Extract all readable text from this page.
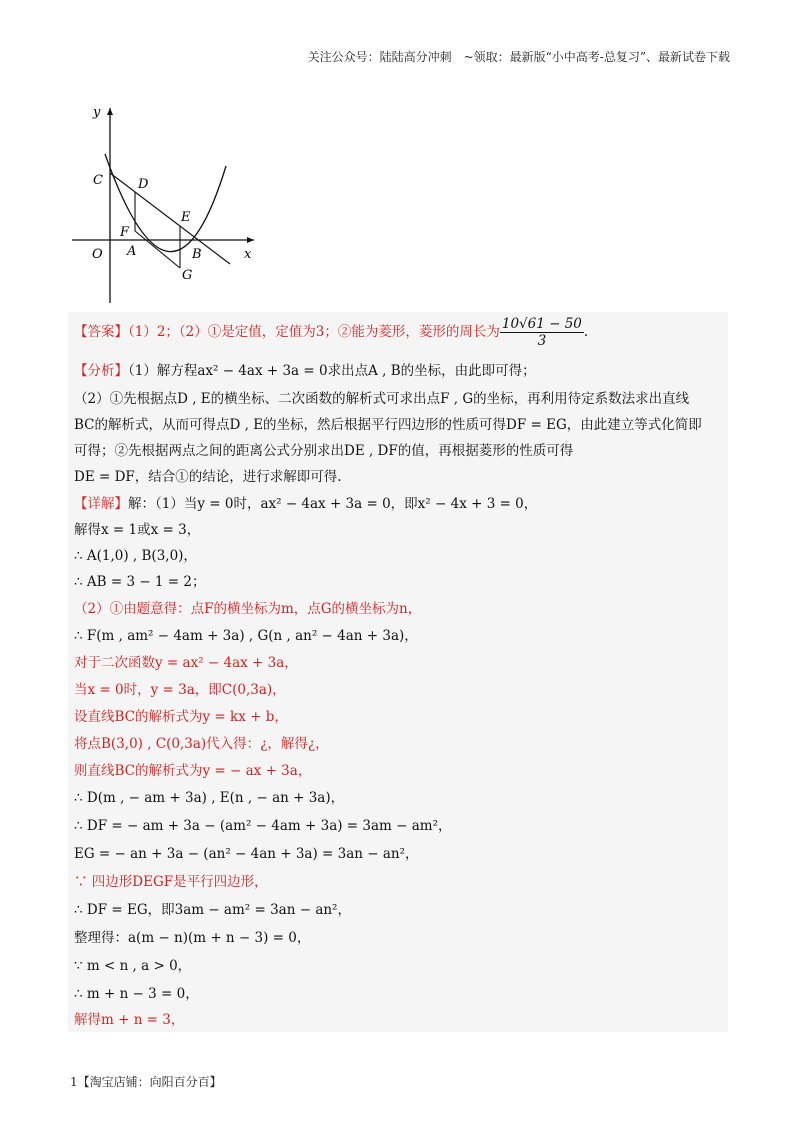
关注公众号：陆陆高分冲刺　~领取：最新版“小中高考-总复习”、最新试卷下载
y
x
O
C	D
E
F
A	B
G
【答案】（1）2；（2）①是定值，定值为3；②能为菱形，菱形的周长为 $\frac{10√61 - 50}{3}$ .
【分析】（1）解方程ax² − 4ax + 3a = 0求出点A , B的坐标，由此即可得；
（2）①先根据点D , E的横坐标、二次函数的解析式可求出点F , G的坐标，再利用待定系数法求出直线
BC的解析式，从而可得点D , E的坐标，然后根据平行四边形的性质可得DF = EG，由此建立等式化简即
可得；②先根据两点之间的距离公式分别求出DE , DF的值，再根据菱形的性质可得
DE = DF，结合①的结论，进行求解即可得.
【详解】解：（1）当y = 0时，ax² − 4ax + 3a = 0，即x² − 4x + 3 = 0，
解得x = 1或x = 3，
∴ A(1,0) , B(3,0)，
∴ AB = 3 − 1 = 2；
（2）①由题意得：点F的横坐标为m，点G的横坐标为n，
∴ F(m , am² − 4am + 3a) , G(n , an² − 4an + 3a)，
对于二次函数y = ax² − 4ax + 3a，
当x = 0时，y = 3a，即C(0,3a)，
设直线BC的解析式为y = kx + b，
将点B(3,0) , C(0,3a)代入得：¿，解得¿，
则直线BC的解析式为y = − ax + 3a，
∴ D(m , − am + 3a) , E(n , − an + 3a)，
∴ DF = − am + 3a − (am² − 4am + 3a) = 3am − am²，
EG = − an + 3a − (an² − 4an + 3a) = 3an − an²，
∵ 四边形DEGF是平行四边形，
∴ DF = EG，即3am − am² = 3an − an²，
整理得：a(m − n)(m + n − 3) = 0，
∵ m < n , a > 0，
∴ m + n − 3 = 0，
解得m + n = 3，
1【淘宝店铺：向阳百分百】
